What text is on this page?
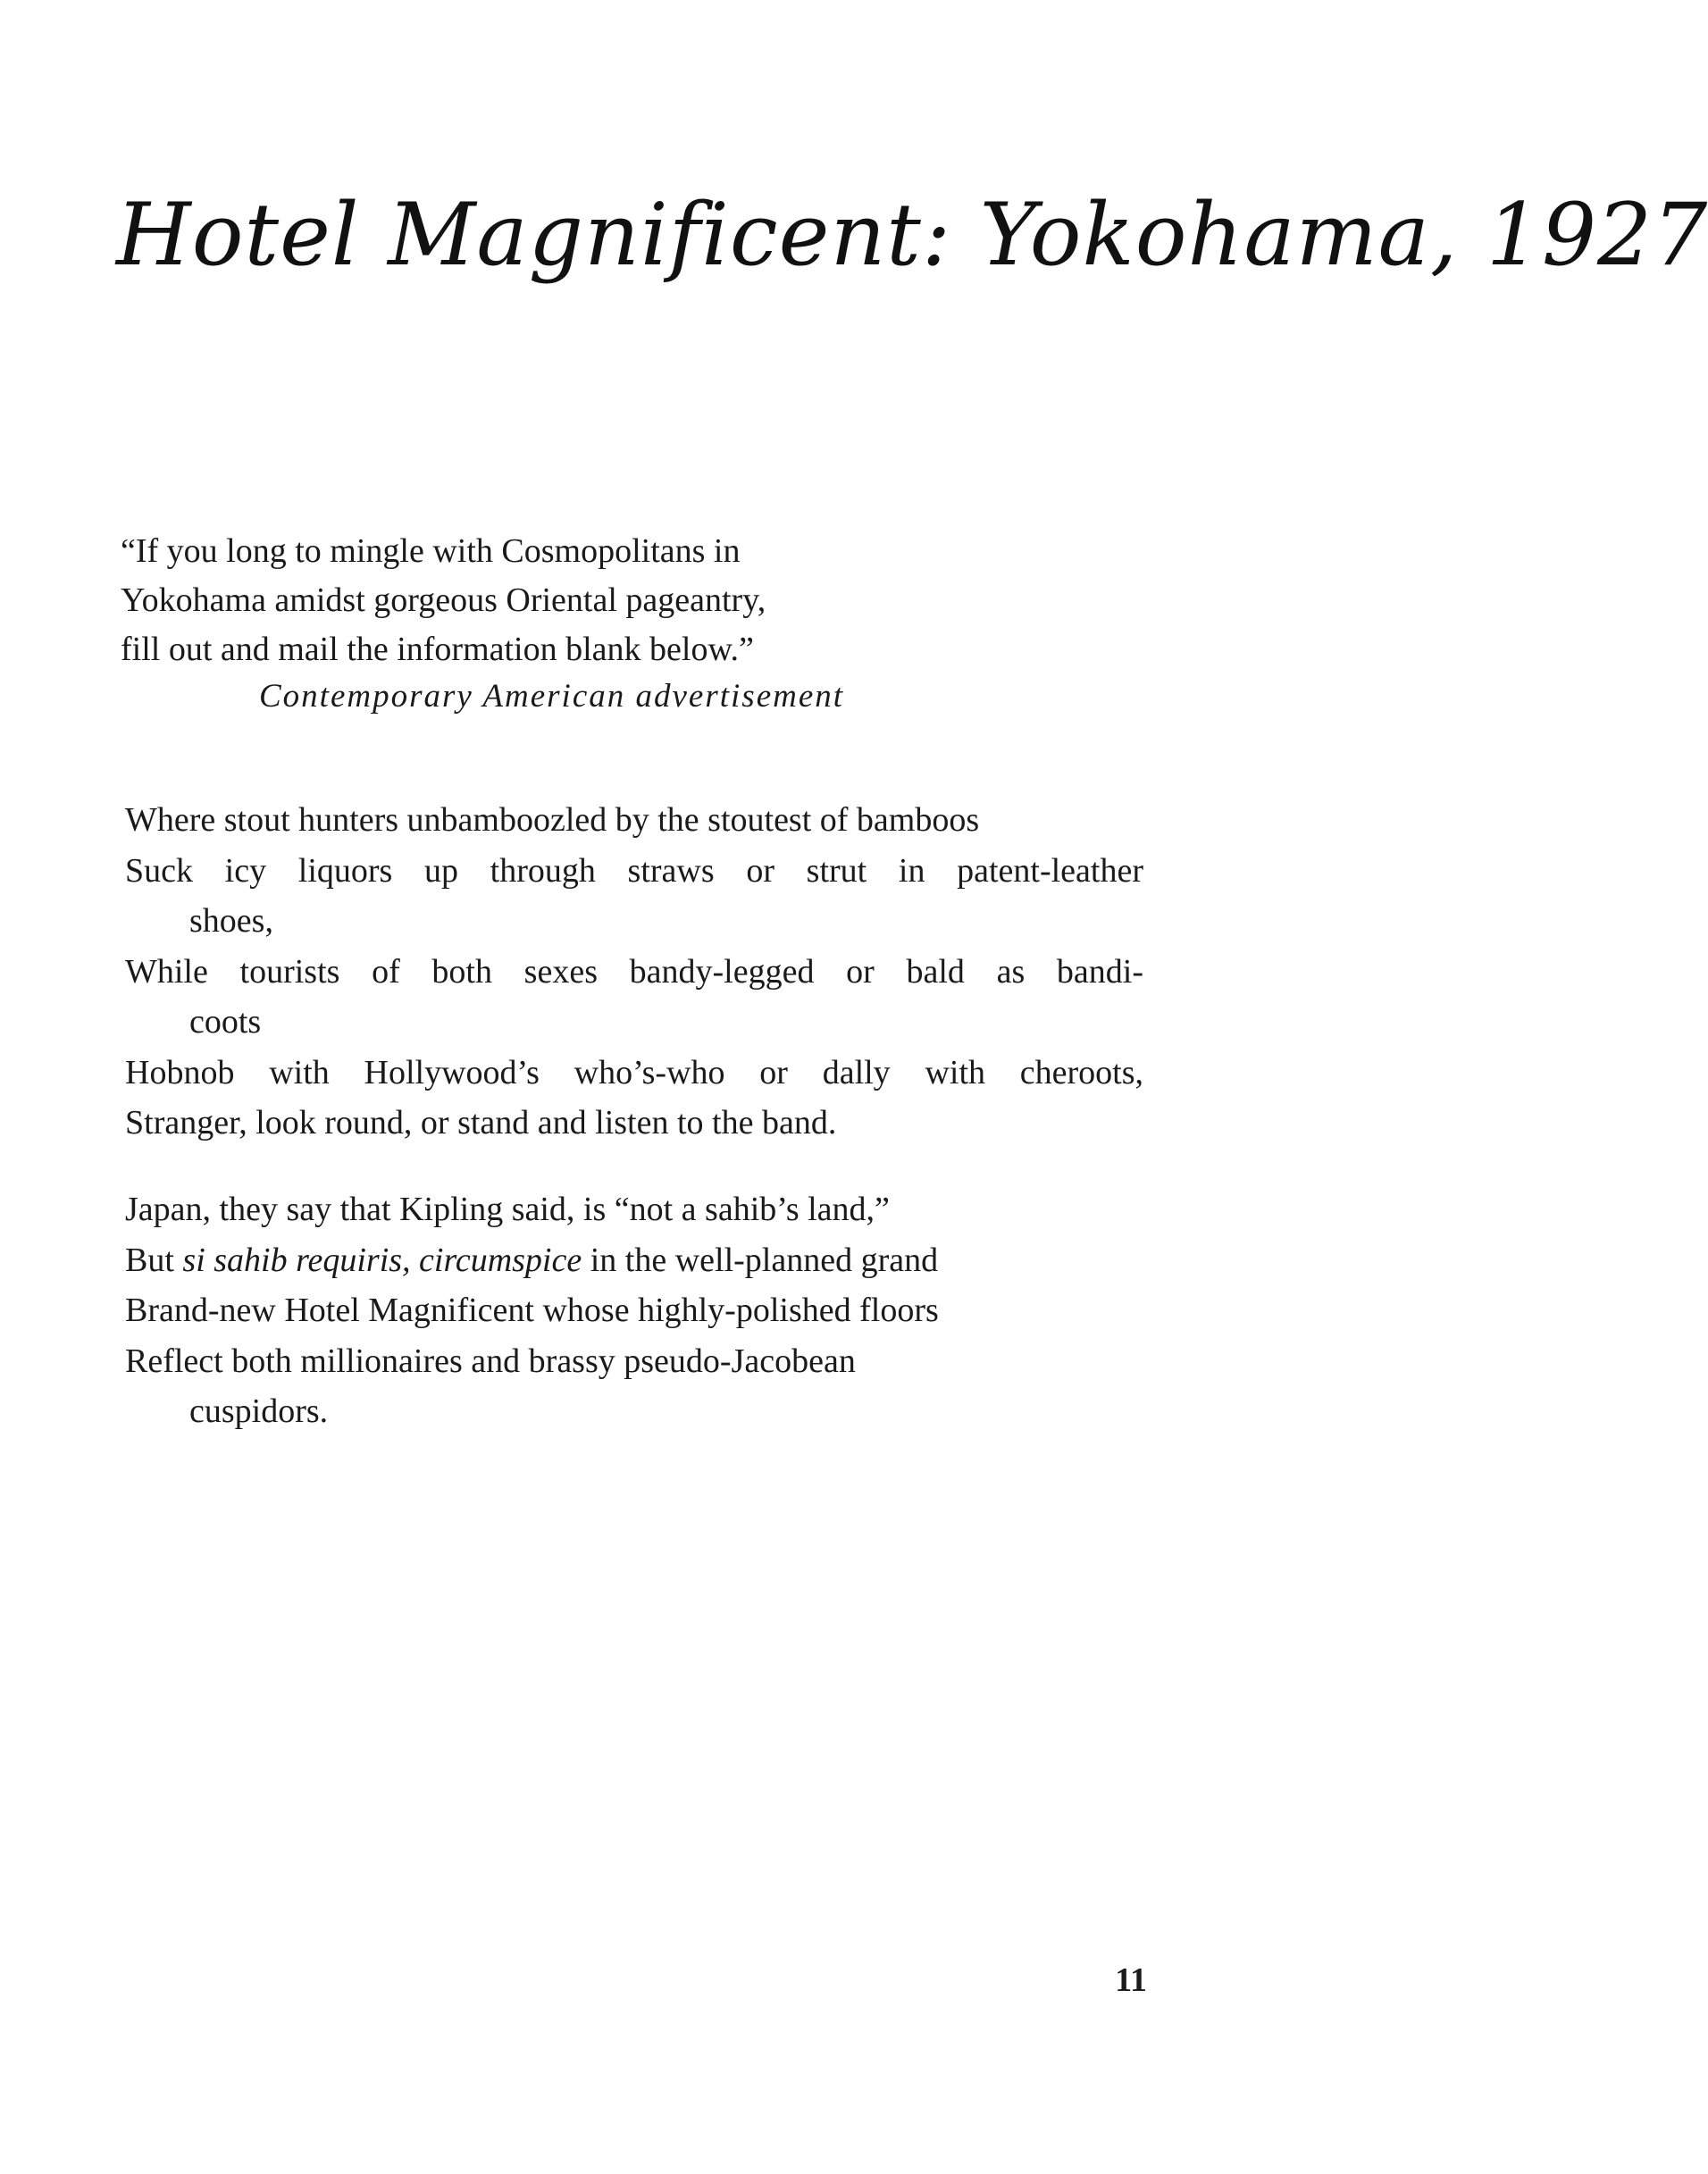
Hotel Magnificent: Yokohama, 1927
“If you long to mingle with Cosmopolitans in
Yokohama amidst gorgeous Oriental pageantry,
fill out and mail the information blank below.”
Contemporary American advertisement
Where stout hunters unbamboozled by the stoutest of bamboos
Suck icy liquors up through straws or strut in patent-leather
shoes,
While tourists of both sexes bandy-legged or bald as bandi-
coots
Hobnob with Hollywood’s who’s-who or dally with cheroots,
Stranger, look round, or stand and listen to the band.
Japan, they say that Kipling said, is “not a sahib’s land,”
But si sahib requiris, circumspice in the well-planned grand
Brand-new Hotel Magnificent whose highly-polished floors
Reflect both millionaires and brassy pseudo-Jacobean
cuspidors.
11
